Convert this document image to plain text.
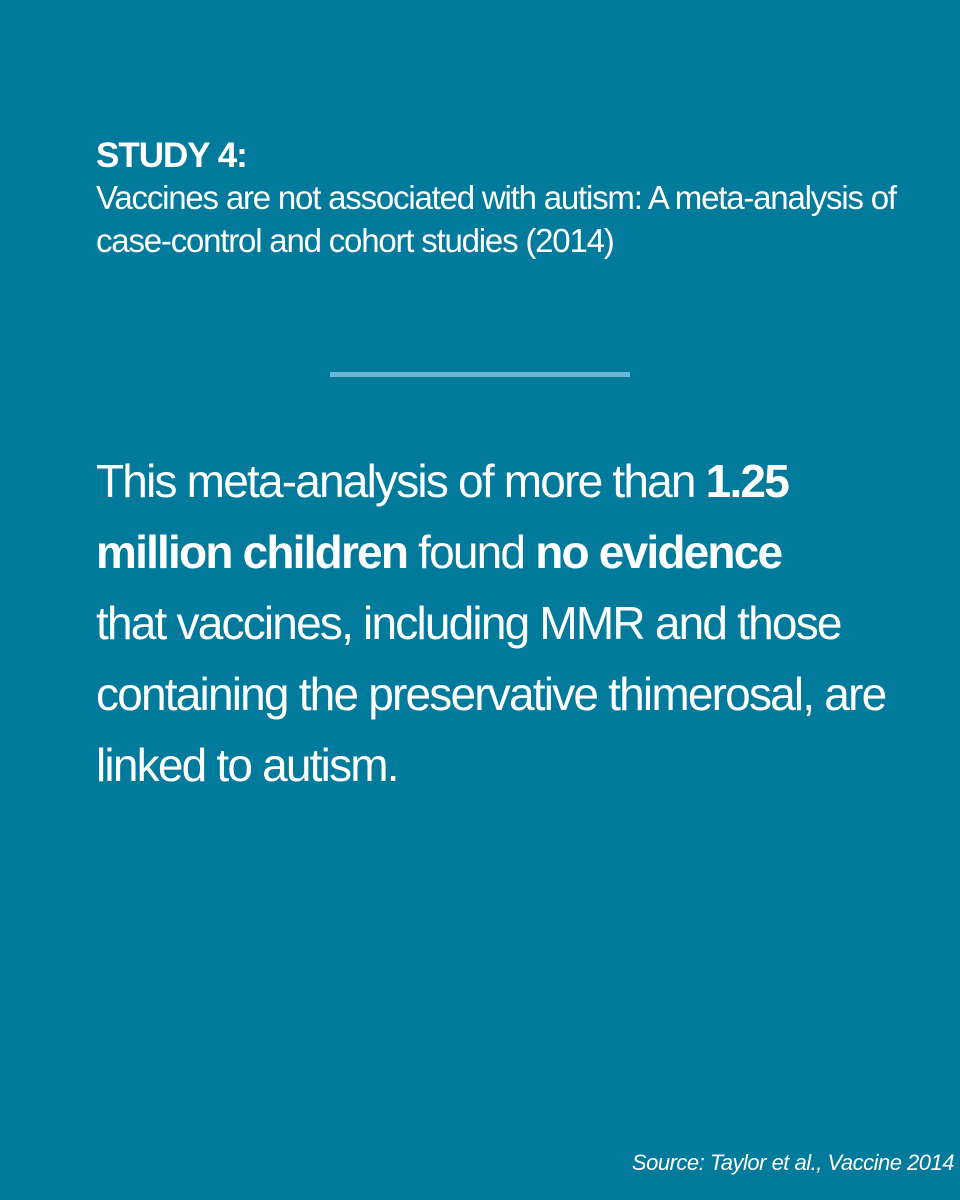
STUDY 4:
Vaccines are not associated with autism: A meta-analysis of case-control and cohort studies (2014)
This meta-analysis of more than 1.25 million children found no evidence
that vaccines, including MMR and those containing the preservative thimerosal, are linked to autism.
Source: Taylor et al., Vaccine 2014
